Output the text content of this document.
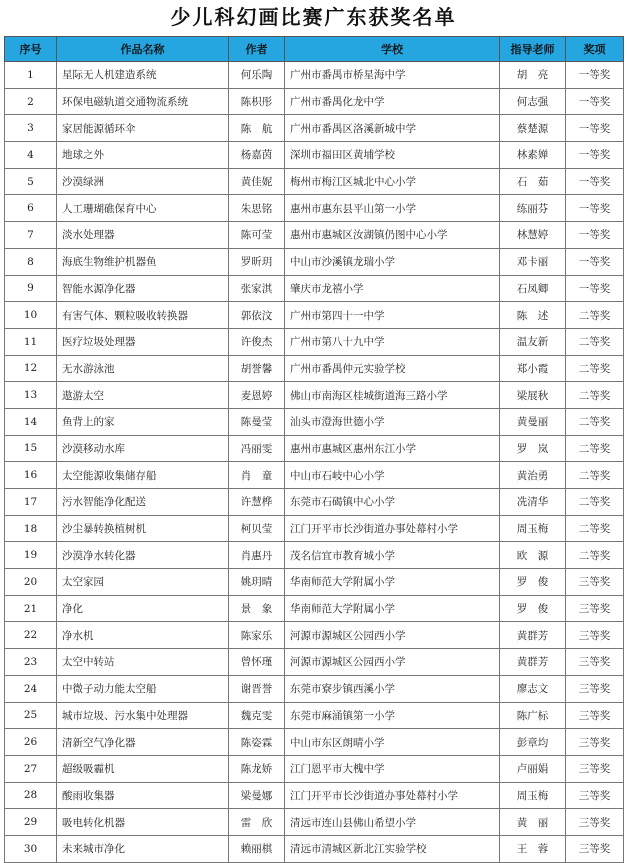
少儿科幻画比赛广东获奖名单
序号	作品名称	作者	学校	指导老师	奖项
1	星际无人机建造系统	何乐陶	广州市番禺市桥星海中学	胡　亮	一等奖
2	环保电磁轨道交通物流系统	陈枳彤	广州市番禺化龙中学	何志强	一等奖
3	家居能源循环伞	陈　航	广州市番禺区洛溪新城中学	蔡楚源	一等奖
4	地球之外	杨嘉茵	深圳市福田区黄埔学校	林素婵	一等奖
5	沙漠绿洲	黄佳妮	梅州市梅江区城北中心小学	石　茹	一等奖
6	人工珊瑚礁保育中心	朱思铭	惠州市惠东县平山第一小学	练丽芬	一等奖
7	淡水处理器	陈可莹	惠州市惠城区汝湖镇仍图中心小学	林慧婷	一等奖
8	海底生物维护机器鱼	罗昕玥	中山市沙溪镇龙瑞小学	邓卡丽	一等奖
9	智能水源净化器	张家淇	肇庆市龙禧小学	石凤卿	一等奖
10	有害气体、颗粒吸收转换器	郭依汶	广州市第四十一中学	陈　述	二等奖
11	医疗垃圾处理器	许俊杰	广州市第八十九中学	温友新	二等奖
12	无水游泳池	胡誉馨	广州市番禺仲元实验学校	郑小霞	二等奖
13	遨游太空	麦恩婷	佛山市南海区桂城街道海三路小学	梁展秋	二等奖
14	鱼背上的家	陈曼莹	汕头市澄海世德小学	黄曼丽	二等奖
15	沙漠移动水库	冯丽雯	惠州市惠城区惠州东江小学	罗　岚	二等奖
16	太空能源收集储存船	肖　童	中山市石岐中心小学	黄治勇	二等奖
17	污水智能净化配送	许慧桦	东莞市石碣镇中心小学	冼清华	二等奖
18	沙尘暴转换植树机	柯贝莹	江门开平市长沙街道办事处幕村小学	周玉梅	二等奖
19	沙漠净水转化器	肖惠丹	茂名信宜市教育城小学	欧　源	二等奖
20	太空家园	姚玥晴	华南师范大学附属小学	罗　俊	三等奖
21	净化	景　象	华南师范大学附属小学	罗　俊	三等奖
22	净水机	陈家乐	河源市源城区公园西小学	黄群芳	三等奖
23	太空中转站	曾怀瑾	河源市源城区公园西小学	黄群芳	三等奖
24	中微子动力能太空船	谢晋誉	东莞市寮步镇西溪小学	廖志文	三等奖
25	城市垃圾、污水集中处理器	魏克雯	东莞市麻涌镇第一小学	陈广标	三等奖
26	清新空气净化器	陈姿霖	中山市东区朗晴小学	彭章均	三等奖
27	超级吸霾机	陈龙娇	江门恩平市大槐中学	卢丽娟	三等奖
28	酸雨收集器	梁曼娜	江门开平市长沙街道办事处幕村小学	周玉梅	三等奖
29	吸电转化机器	雷　欣	清远市连山县佛山希望小学	黄　丽	三等奖
30	未来城市净化	赖丽棋	清远市清城区新北江实验学校	王　蓉	三等奖
